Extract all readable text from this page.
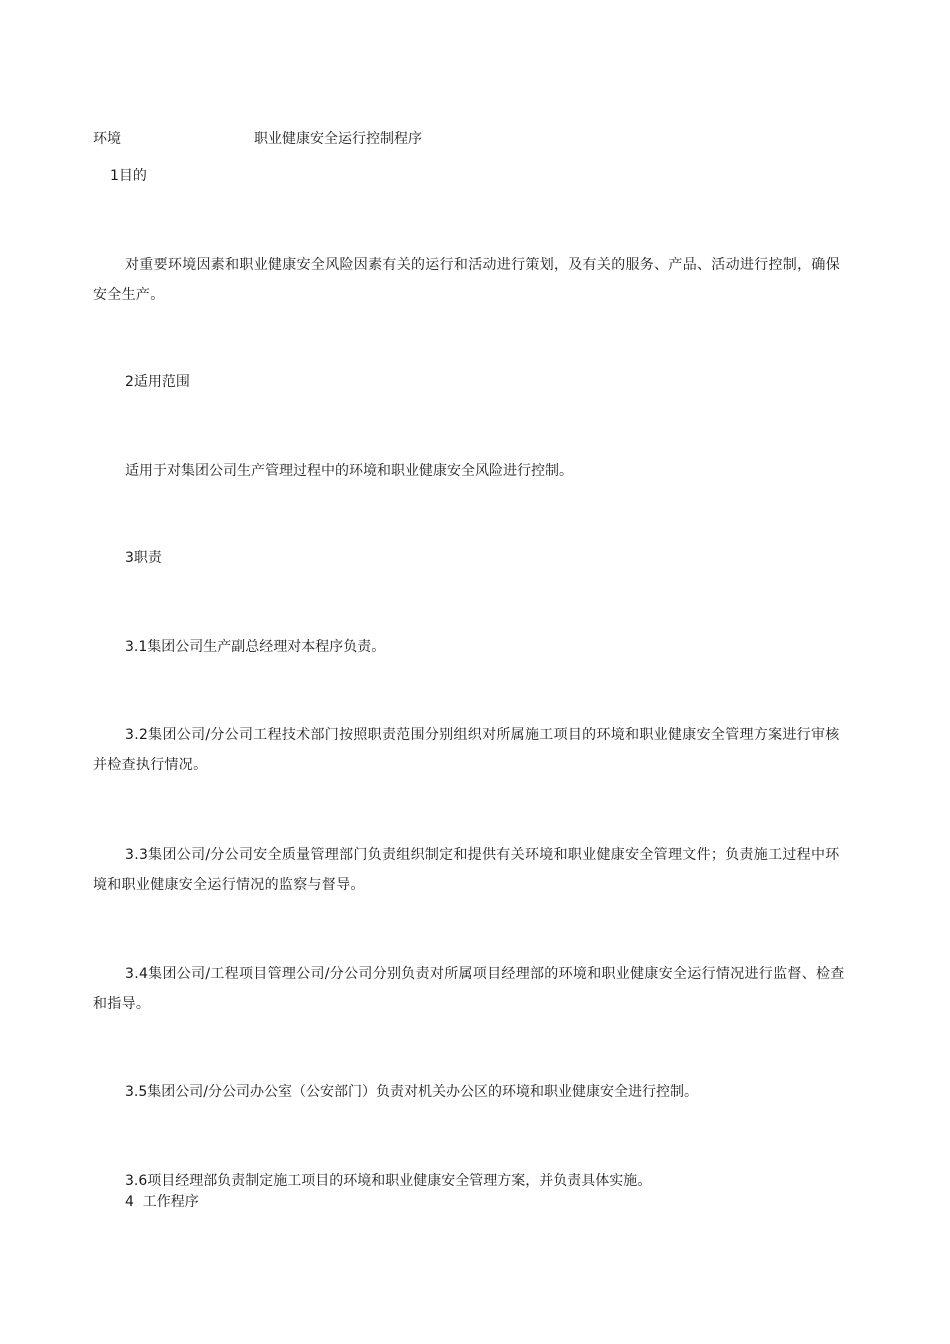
环境	职业健康安全运行控制程序
1目的
对重要环境因素和职业健康安全风险因素有关的运行和活动进行策划，及有关的服务、产品、活动进行控制，确保安全生产。
2适用范围
适用于对集团公司生产管理过程中的环境和职业健康安全风险进行控制。
3职责
3.1集团公司生产副总经理对本程序负责。
3.2集团公司/分公司工程技术部门按照职责范围分别组织对所属施工项目的环境和职业健康安全管理方案进行审核并检查执行情况。
3.3集团公司/分公司安全质量管理部门负责组织制定和提供有关环境和职业健康安全管理文件；负责施工过程中环境和职业健康安全运行情况的监察与督导。
3.4集团公司/工程项目管理公司/分公司分别负责对所属项目经理部的环境和职业健康安全运行情况进行监督、检查和指导。
3.5集团公司/分公司办公室（公安部门）负责对机关办公区的环境和职业健康安全进行控制。
3.6项目经理部负责制定施工项目的环境和职业健康安全管理方案，并负责具体实施。
4  工作程序
